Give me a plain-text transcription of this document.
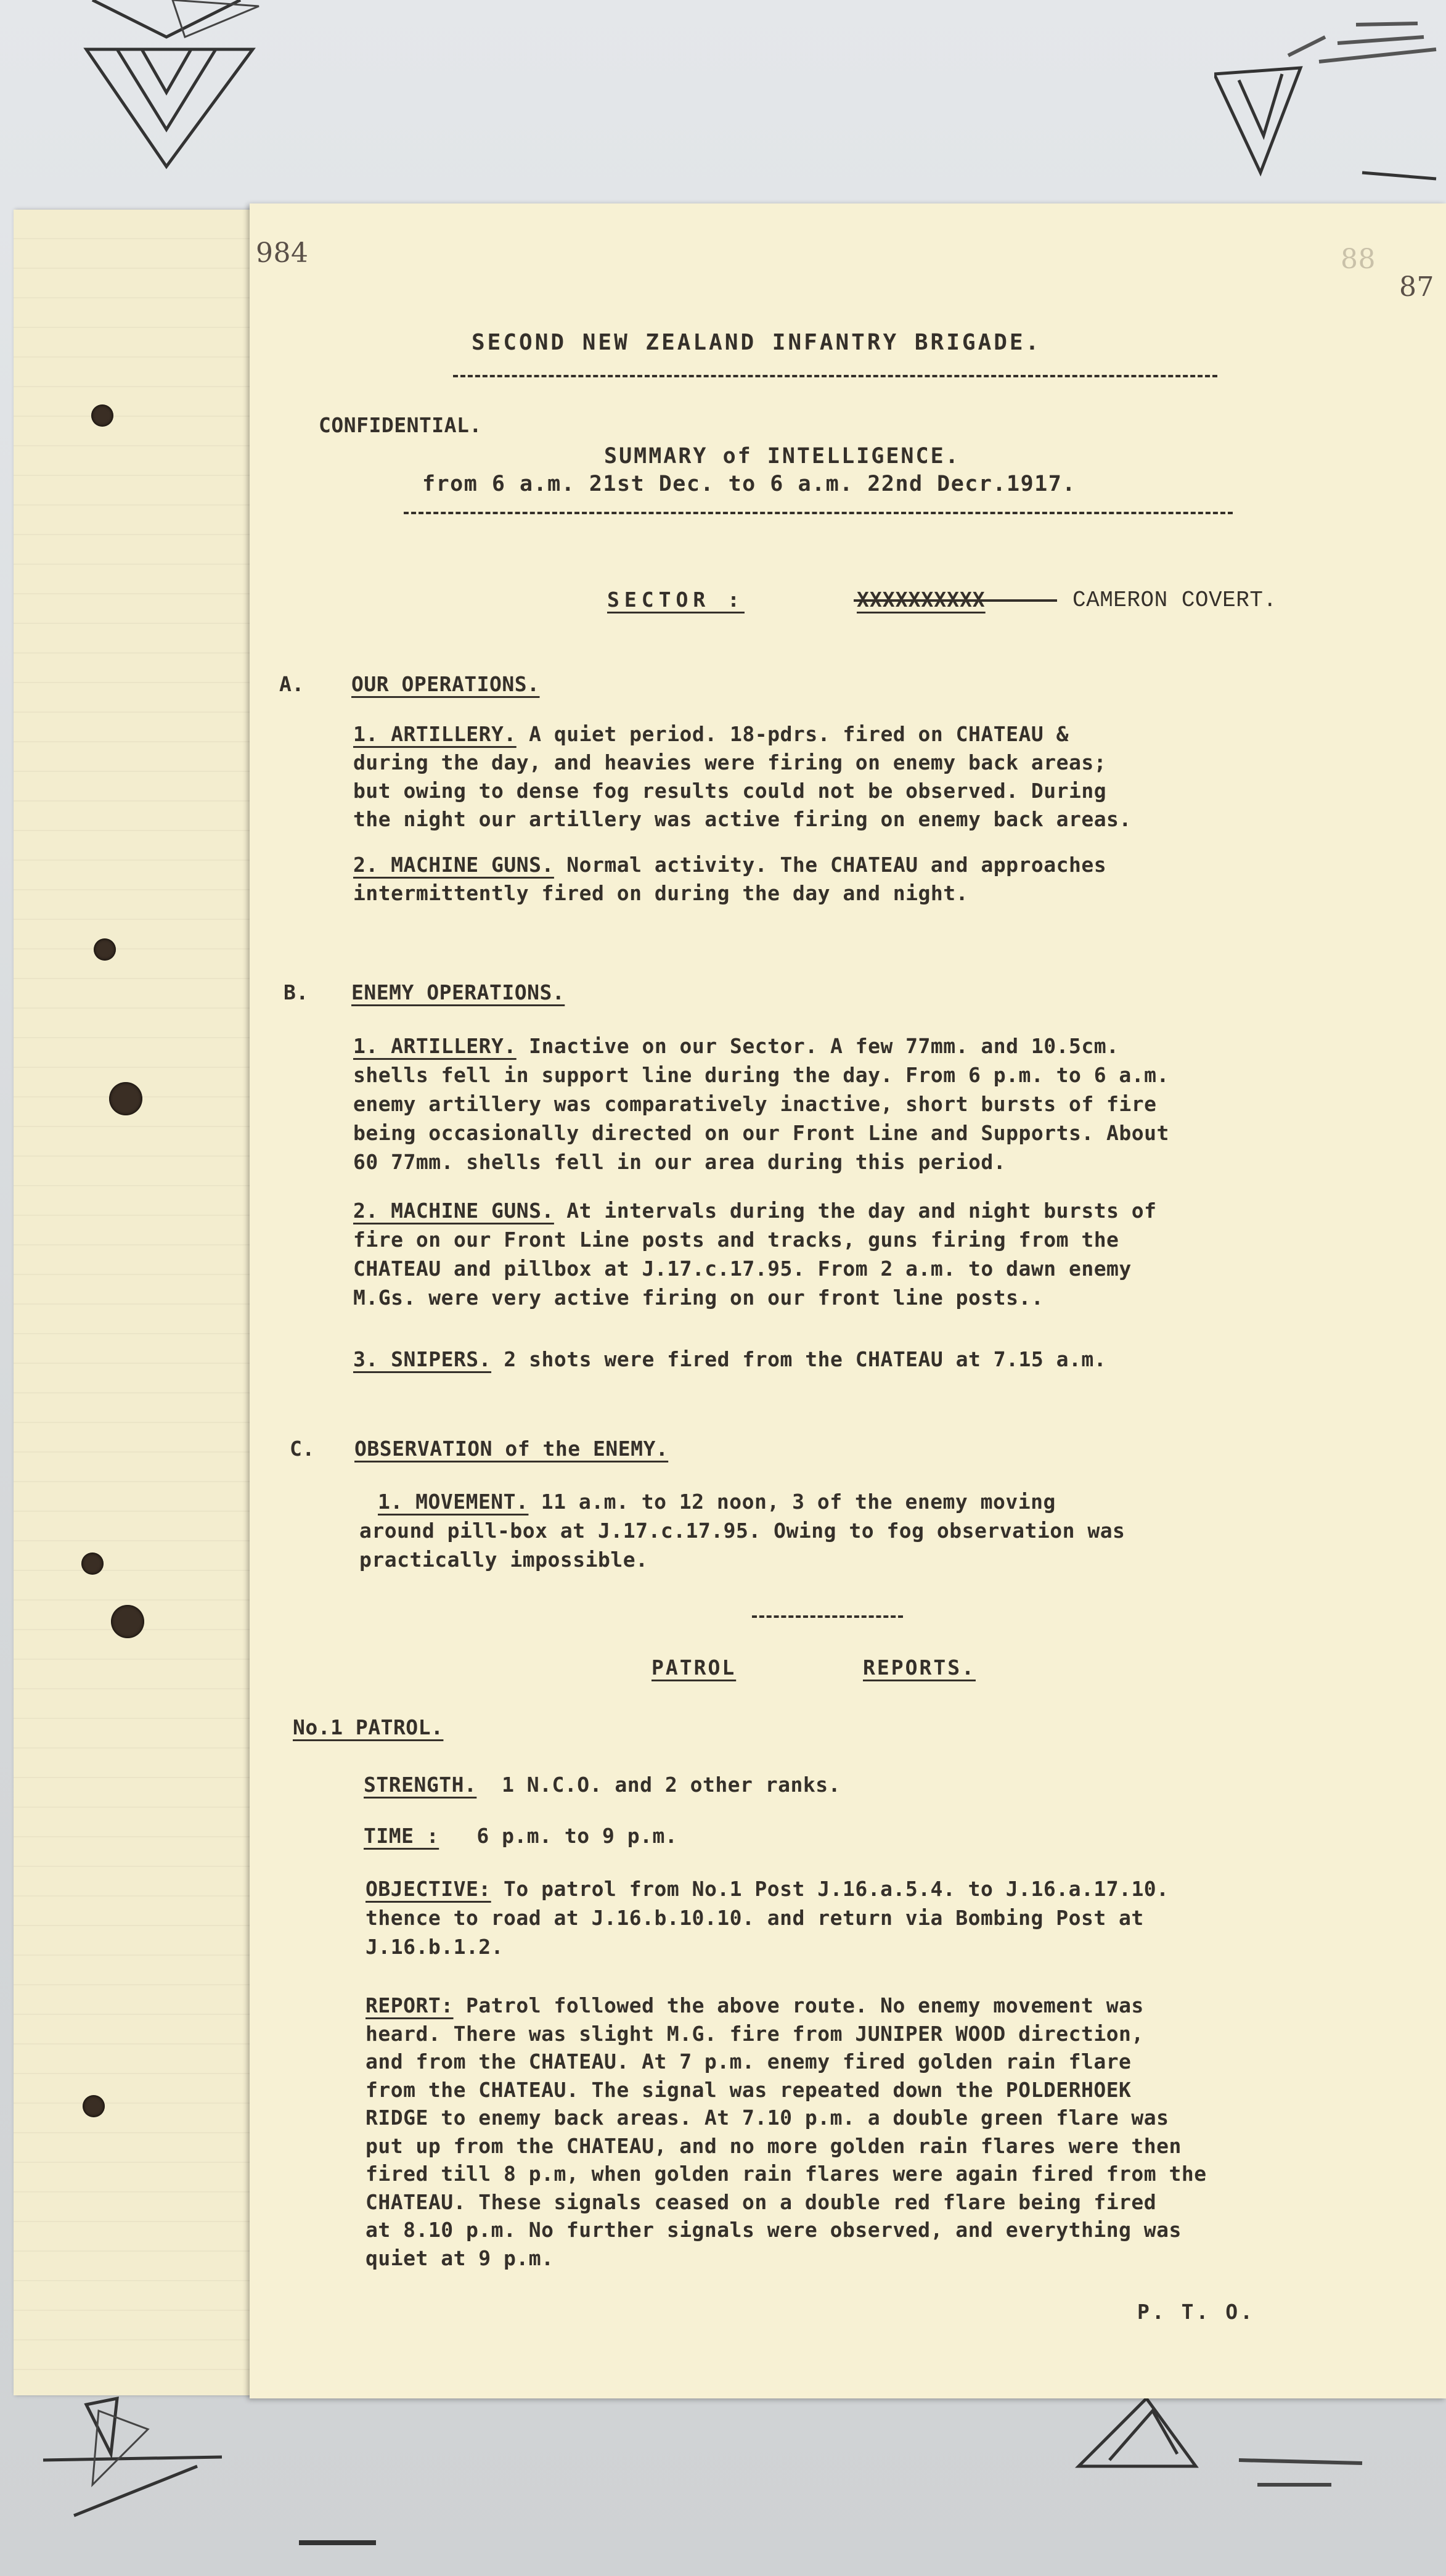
984	88
87
SECOND NEW ZEALAND INFANTRY BRIGADE.
CONFIDENTIAL.
SUMMARY of INTELLIGENCE.
from 6 a.m. 21st Dec. to 6 a.m. 22nd Decr.1917.
SECTOR :	XXXXXXXXXX	CAMERON COVERT.
A. OUR OPERATIONS.
1. ARTILLERY. A quiet period. 18-pdrs. fired on CHATEAU &
during the day, and heavies were firing on enemy back areas;
but owing to dense fog results could not be observed. During
the night our artillery was active firing on enemy back areas.
2. MACHINE GUNS. Normal activity. The CHATEAU and approaches
intermittently fired on during the day and night.
B. ENEMY OPERATIONS.
1. ARTILLERY. Inactive on our Sector. A few 77mm. and 10.5cm.
shells fell in support line during the day. From 6 p.m. to 6 a.m.
enemy artillery was comparatively inactive, short bursts of fire
being occasionally directed on our Front Line and Supports. About
60 77mm. shells fell in our area during this period.
2. MACHINE GUNS. At intervals during the day and night bursts of
fire on our Front Line posts and tracks, guns firing from the
CHATEAU and pillbox at J.17.c.17.95. From 2 a.m. to dawn enemy
M.Gs. were very active firing on our front line posts..
3. SNIPERS. 2 shots were fired from the CHATEAU at 7.15 a.m.
C. OBSERVATION of the ENEMY.
1. MOVEMENT. 11 a.m. to 12 noon, 3 of the enemy moving
around pill-box at J.17.c.17.95. Owing to fog observation was
practically impossible.
PATROL	REPORTS.
No.1 PATROL.
STRENGTH. 1 N.C.O. and 2 other ranks.
TIME : 6 p.m. to 9 p.m.
OBJECTIVE: To patrol from No.1 Post J.16.a.5.4. to J.16.a.17.10.
thence to road at J.16.b.10.10. and return via Bombing Post at
J.16.b.1.2.
REPORT: Patrol followed the above route. No enemy movement was
heard. There was slight M.G. fire from JUNIPER WOOD direction,
and from the CHATEAU. At 7 p.m. enemy fired golden rain flare
from the CHATEAU. The signal was repeated down the POLDERHOEK
RIDGE to enemy back areas. At 7.10 p.m. a double green flare was
put up from the CHATEAU, and no more golden rain flares were then
fired till 8 p.m, when golden rain flares were again fired from the
CHATEAU. These signals ceased on a double red flare being fired
at 8.10 p.m. No further signals were observed, and everything was
quiet at 9 p.m.
P. T. O.
